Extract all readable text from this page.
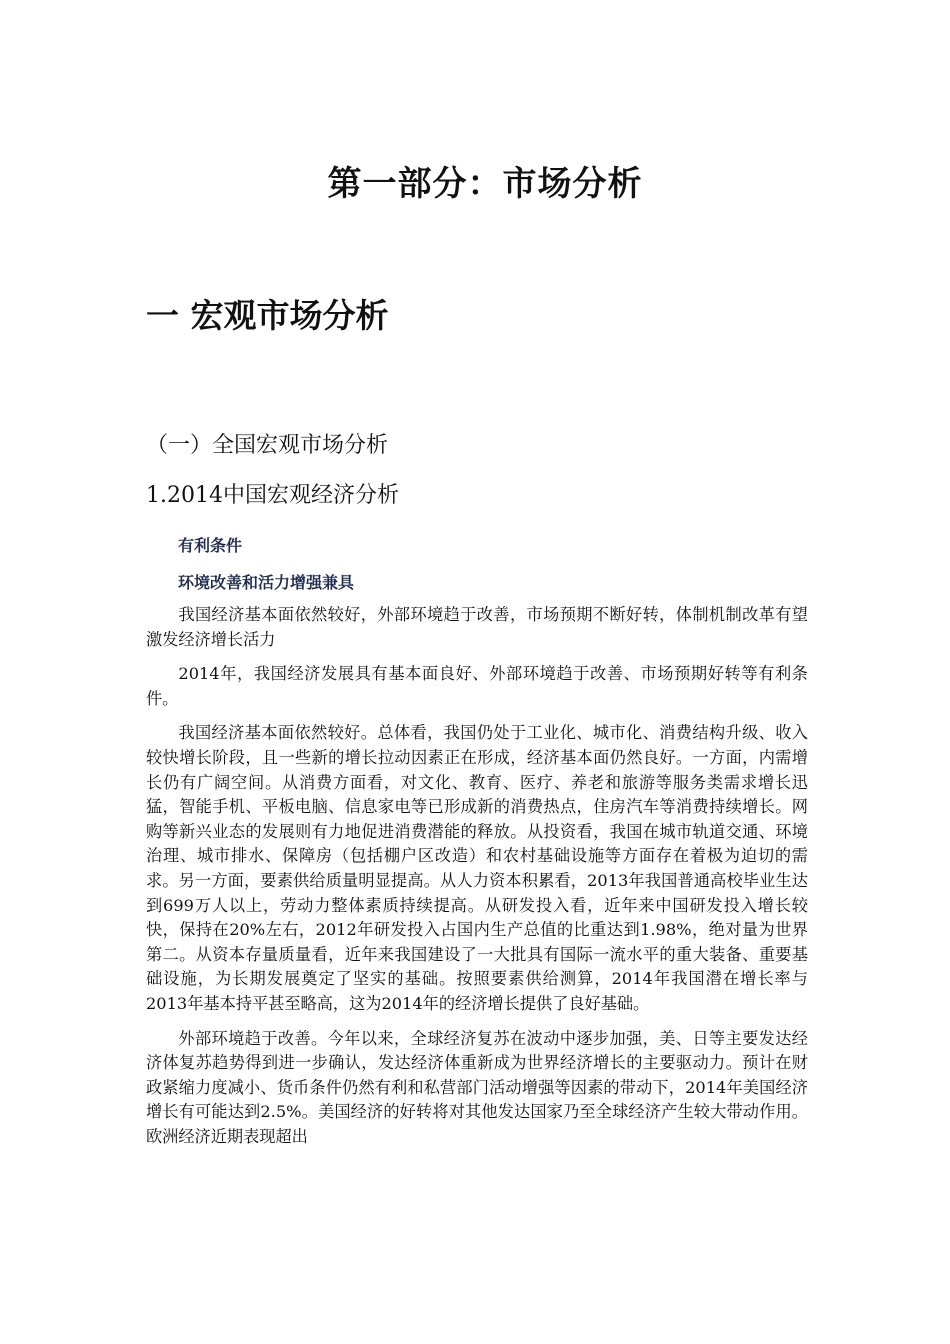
第一部分：市场分析
一 宏观市场分析
（一）全国宏观市场分析
1.2014中国宏观经济分析
有利条件
环境改善和活力增强兼具

我国经济基本面依然较好，外部环境趋于改善，市场预期不断好转，体制机制改革有望激发经济增长活力

2014年，我国经济发展具有基本面良好、外部环境趋于改善、市场预期好转等有利条件。

我国经济基本面依然较好。总体看，我国仍处于工业化、城市化、消费结构升级、收入较快增长阶段，且一些新的增长拉动因素正在形成，经济基本面仍然良好。一方面，内需增长仍有广阔空间。从消费方面看，对文化、教育、医疗、养老和旅游等服务类需求增长迅猛，智能手机、平板电脑、信息家电等已形成新的消费热点，住房汽车等消费持续增长。网购等新兴业态的发展则有力地促进消费潜能的释放。从投资看，我国在城市轨道交通、环境治理、城市排水、保障房（包括棚户区改造）和农村基础设施等方面存在着极为迫切的需求。另一方面，要素供给质量明显提高。从人力资本积累看，2013年我国普通高校毕业生达到699万人以上，劳动力整体素质持续提高。从研发投入看，近年来中国研发投入增长较快，保持在20%左右，2012年研发投入占国内生产总值的比重达到1.98%，绝对量为世界第二。从资本存量质量看，近年来我国建设了一大批具有国际一流水平的重大装备、重要基础设施，为长期发展奠定了坚实的基础。按照要素供给测算，2014年我国潜在增长率与2013年基本持平甚至略高，这为2014年的经济增长提供了良好基础。

外部环境趋于改善。今年以来，全球经济复苏在波动中逐步加强，美、日等主要发达经济体复苏趋势得到进一步确认，发达经济体重新成为世界经济增长的主要驱动力。预计在财政紧缩力度减小、货币条件仍然有利和私营部门活动增强等因素的带动下，2014年美国经济增长有可能达到2.5%。美国经济的好转将对其他发达国家乃至全球经济产生较大带动作用。欧洲经济近期表现超出
